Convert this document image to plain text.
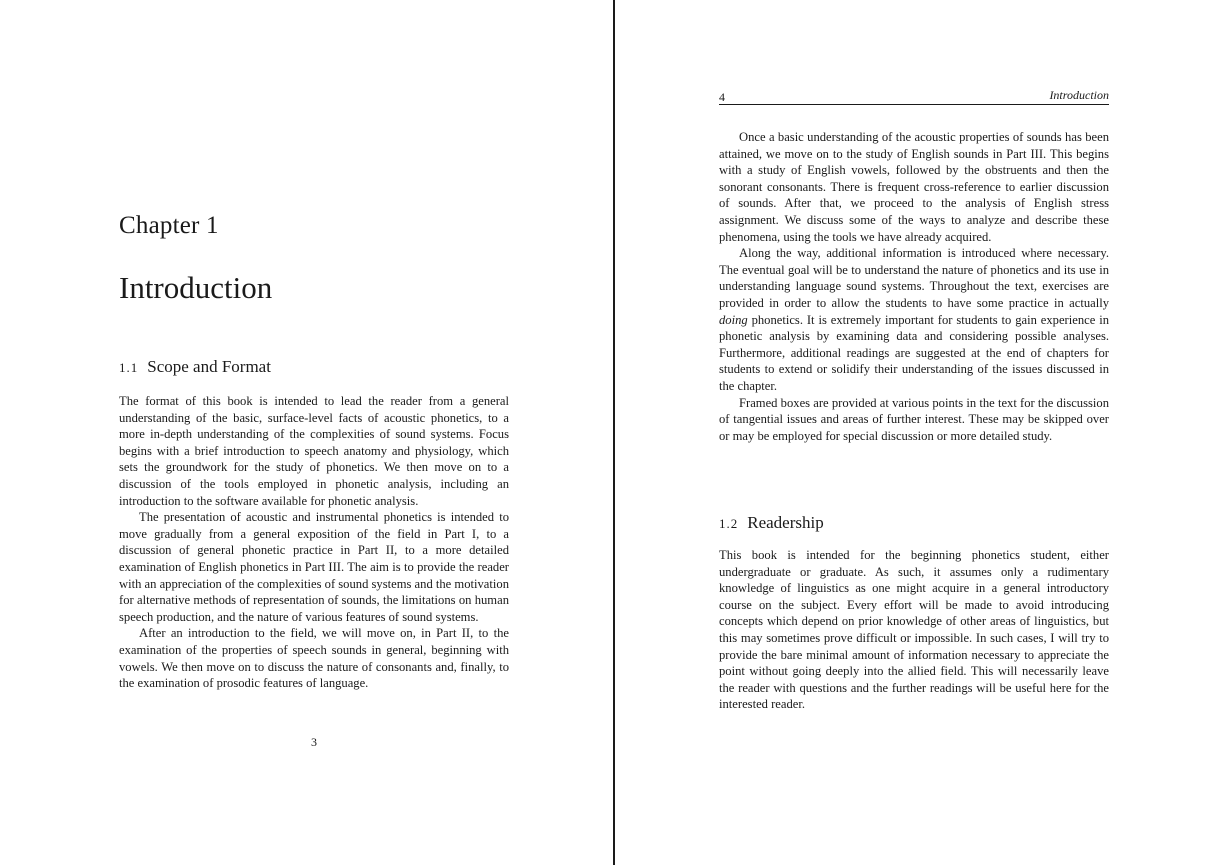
Chapter 1
Introduction
1.1 Scope and Format

The format of this book is intended to lead the reader from a general understanding of the basic, surface-level facts of acoustic phonetics, to a more in-depth understanding of the complexities of sound systems. Focus begins with a brief introduction to speech anatomy and physiology, which sets the groundwork for the study of phonetics. We then move on to a discussion of the tools employed in phonetic analysis, including an introduction to the software available for phonetic analysis.

The presentation of acoustic and instrumental phonetics is intended to move gradually from a general exposition of the field in Part I, to a discussion of general phonetic practice in Part II, to a more detailed examination of English phonetics in Part III. The aim is to provide the reader with an appreciation of the complexities of sound systems and the motivation for alternative methods of representation of sounds, the limitations on human speech production, and the nature of various features of sound systems.

After an introduction to the field, we will move on, in Part II, to the examination of the properties of speech sounds in general, beginning with vowels. We then move on to discuss the nature of consonants and, finally, to the examination of prosodic features of language.

3
4	Introduction

Once a basic understanding of the acoustic properties of sounds has been attained, we move on to the study of English sounds in Part III. This begins with a study of English vowels, followed by the obstruents and then the sonorant consonants. There is frequent cross-reference to earlier discussion of sounds. After that, we proceed to the analysis of English stress assignment. We discuss some of the ways to analyze and describe these phenomena, using the tools we have already acquired.

Along the way, additional information is introduced where necessary. The eventual goal will be to understand the nature of phonetics and its use in understanding language sound systems. Throughout the text, exercises are provided in order to allow the students to have some practice in actually doing phonetics. It is extremely important for students to gain experience in phonetic analysis by examining data and considering possible analyses. Furthermore, additional readings are suggested at the end of chapters for students to extend or solidify their understanding of the issues discussed in the chapter.

Framed boxes are provided at various points in the text for the discussion of tangential issues and areas of further interest. These may be skipped over or may be employed for special discussion or more detailed study.

1.2 Readership

This book is intended for the beginning phonetics student, either undergraduate or graduate. As such, it assumes only a rudimentary knowledge of linguistics as one might acquire in a general introductory course on the subject. Every effort will be made to avoid introducing concepts which depend on prior knowledge of other areas of linguistics, but this may sometimes prove difficult or impossible. In such cases, I will try to provide the bare minimal amount of information necessary to appreciate the point without going deeply into the allied field. This will necessarily leave the reader with questions and the further readings will be useful here for the interested reader.
